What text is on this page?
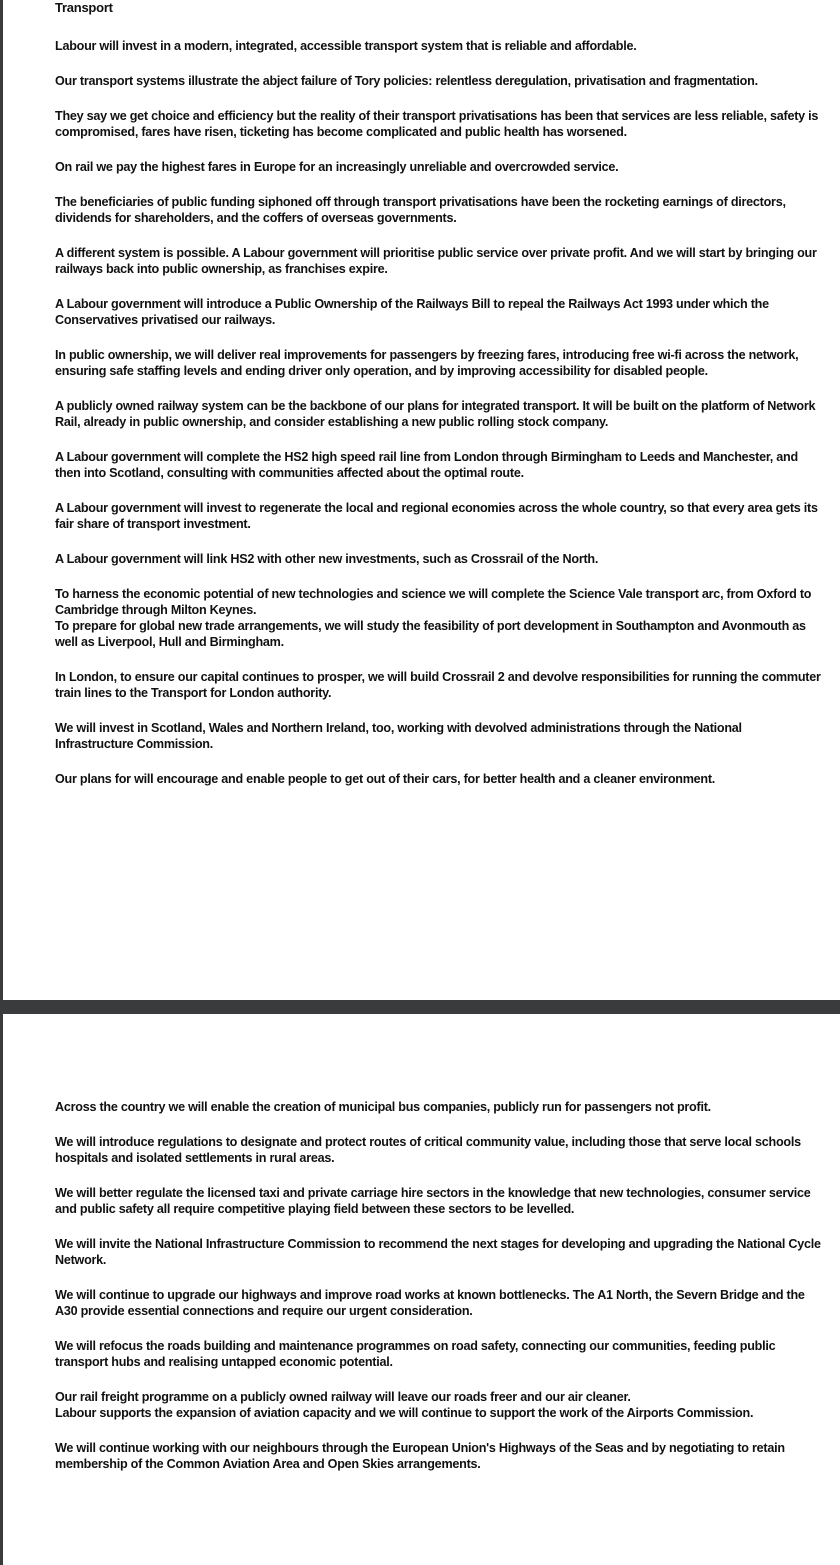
Transport

Labour will invest in a modern, integrated, accessible transport system that is reliable and affordable.

Our transport systems illustrate the abject failure of Tory policies: relentless deregulation, privatisation and fragmentation.

They say we get choice and efficiency but the reality of their transport privatisations has been that services are less reliable, safety is compromised, fares have risen, ticketing has become complicated and public health has worsened.

On rail we pay the highest fares in Europe for an increasingly unreliable and overcrowded service.

The beneficiaries of public funding siphoned off through transport privatisations have been the rocketing earnings of directors, dividends for shareholders, and the coffers of overseas governments.

A different system is possible. A Labour government will prioritise public service over private profit. And we will start by bringing our railways back into public ownership, as franchises expire.

A Labour government will introduce a Public Ownership of the Railways Bill to repeal the Railways Act 1993 under which the Conservatives privatised our railways.

In public ownership, we will deliver real improvements for passengers by freezing fares, introducing free wi-fi across the network, ensuring safe staffing levels and ending driver only operation, and by improving accessibility for disabled people.

A publicly owned railway system can be the backbone of our plans for integrated transport. It will be built on the platform of Network Rail, already in public ownership, and consider establishing a new public rolling stock company.

A Labour government will complete the HS2 high speed rail line from London through Birmingham to Leeds and Manchester, and then into Scotland, consulting with communities affected about the optimal route.

A Labour government will invest to regenerate the local and regional economies across the whole country, so that every area gets its fair share of transport investment.

A Labour government will link HS2 with other new investments, such as Crossrail of the North.

To harness the economic potential of new technologies and science we will complete the Science Vale transport arc, from Oxford to Cambridge through Milton Keynes.

To prepare for global new trade arrangements, we will study the feasibility of port development in Southampton and Avonmouth as well as Liverpool, Hull and Birmingham.

In London, to ensure our capital continues to prosper, we will build Crossrail 2 and devolve responsibilities for running the commuter train lines to the Transport for London authority.

We will invest in Scotland, Wales and Northern Ireland, too, working with devolved administrations through the National Infrastructure Commission.

Our plans for will encourage and enable people to get out of their cars, for better health and a cleaner environment.

Across the country we will enable the creation of municipal bus companies, publicly run for passengers not profit.

We will introduce regulations to designate and protect routes of critical community value, including those that serve local schools hospitals and isolated settlements in rural areas.

We will better regulate the licensed taxi and private carriage hire sectors in the knowledge that new technologies, consumer service and public safety all require competitive playing field between these sectors to be levelled.

We will invite the National Infrastructure Commission to recommend the next stages for developing and upgrading the National Cycle Network.

We will continue to upgrade our highways and improve road works at known bottlenecks. The A1 North, the Severn Bridge and the A30 provide essential connections and require our urgent consideration.

We will refocus the roads building and maintenance programmes on road safety, connecting our communities, feeding public transport hubs and realising untapped economic potential.

Our rail freight programme on a publicly owned railway will leave our roads freer and our air cleaner.

Labour supports the expansion of aviation capacity and we will continue to support the work of the Airports Commission.

We will continue working with our neighbours through the European Union's Highways of the Seas and by negotiating to retain membership of the Common Aviation Area and Open Skies arrangements.
